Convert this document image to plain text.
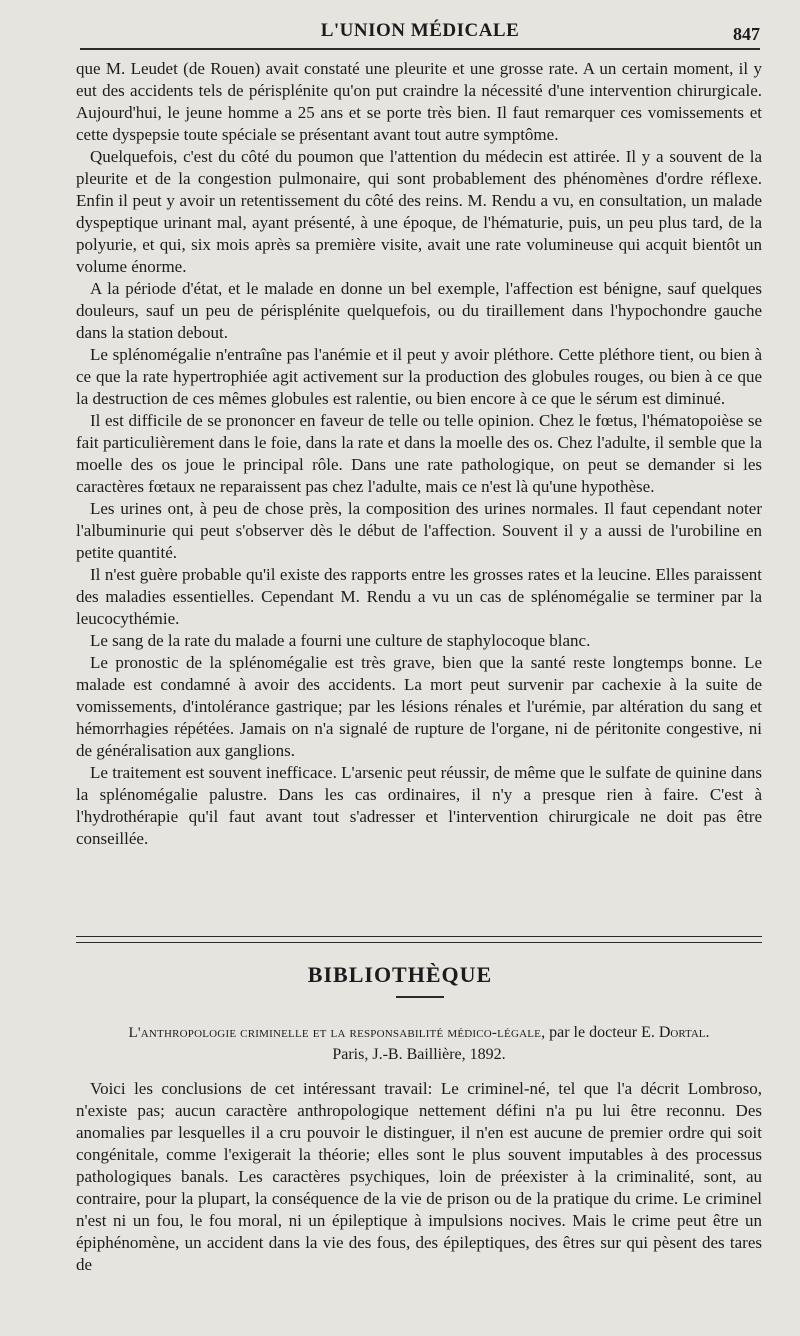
L'UNION MÉDICALE	847

que M. Leudet (de Rouen) avait constaté une pleurite et une grosse rate. A un certain moment, il y eut des accidents tels de périsplénite qu'on put craindre la nécessité d'une intervention chirurgicale. Aujourd'hui, le jeune homme a 25 ans et se porte très bien. Il faut remarquer ces vomissements et cette dyspepsie toute spéciale se présentant avant tout autre symptôme.

Quelquefois, c'est du côté du poumon que l'attention du médecin est attirée. Il y a souvent de la pleurite et de la congestion pulmonaire, qui sont probablement des phénomènes d'ordre réflexe. Enfin il peut y avoir un retentissement du côté des reins. M. Rendu a vu, en consultation, un malade dyspeptique urinant mal, ayant présenté, à une époque, de l'hématurie, puis, un peu plus tard, de la polyurie, et qui, six mois après sa première visite, avait une rate volumineuse qui acquit bientôt un volume énorme.

A la période d'état, et le malade en donne un bel exemple, l'affection est bénigne, sauf quelques douleurs, sauf un peu de périsplénite quelquefois, ou du tiraillement dans l'hypochondre gauche dans la station debout.

Le splénomégalie n'entraîne pas l'anémie et il peut y avoir pléthore. Cette pléthore tient, ou bien à ce que la rate hypertrophiée agit activement sur la production des globules rouges, ou bien à ce que la destruction de ces mêmes globules est ralentie, ou bien encore à ce que le sérum est diminué.

Il est difficile de se prononcer en faveur de telle ou telle opinion. Chez le fœtus, l'hématopoièse se fait particulièrement dans le foie, dans la rate et dans la moelle des os. Chez l'adulte, il semble que la moelle des os joue le principal rôle. Dans une rate pathologique, on peut se demander si les caractères fœtaux ne reparaissent pas chez l'adulte, mais ce n'est là qu'une hypothèse.

Les urines ont, à peu de chose près, la composition des urines normales. Il faut cependant noter l'albuminurie qui peut s'observer dès le début de l'affection. Souvent il y a aussi de l'urobiline en petite quantité.

Il n'est guère probable qu'il existe des rapports entre les grosses rates et la leucine. Elles paraissent des maladies essentielles. Cependant M. Rendu a vu un cas de splénomégalie se terminer par la leucocythémie.

Le sang de la rate du malade a fourni une culture de staphylocoque blanc.

Le pronostic de la splénomégalie est très grave, bien que la santé reste longtemps bonne. Le malade est condamné à avoir des accidents. La mort peut survenir par cachexie à la suite de vomissements, d'intolérance gastrique; par les lésions rénales et l'urémie, par altération du sang et hémorrhagies répétées. Jamais on n'a signalé de rupture de l'organe, ni de péritonite congestive, ni de généralisation aux ganglions.

Le traitement est souvent inefficace. L'arsenic peut réussir, de même que le sulfate de quinine dans la splénomégalie palustre. Dans les cas ordinaires, il n'y a presque rien à faire. C'est à l'hydrothérapie qu'il faut avant tout s'adresser et l'intervention chirurgicale ne doit pas être conseillée.

BIBLIOTHÈQUE
L'anthropologie criminelle et la responsabilité médico-légale, par le docteur E. Dortal.
Paris, J.-B. Baillière, 1892.

Voici les conclusions de cet intéressant travail: Le criminel-né, tel que l'a décrit Lombroso, n'existe pas; aucun caractère anthropologique nettement défini n'a pu lui être reconnu. Des anomalies par lesquelles il a cru pouvoir le distinguer, il n'en est aucune de premier ordre qui soit congénitale, comme l'exigerait la théorie; elles sont le plus souvent imputables à des processus pathologiques banals. Les caractères psychiques, loin de préexister à la criminalité, sont, au contraire, pour la plupart, la conséquence de la vie de prison ou de la pratique du crime. Le criminel n'est ni un fou, le fou moral, ni un épileptique à impulsions nocives. Mais le crime peut être un épiphénomène, un accident dans la vie des fous, des épileptiques, des êtres sur qui pèsent des tares de
